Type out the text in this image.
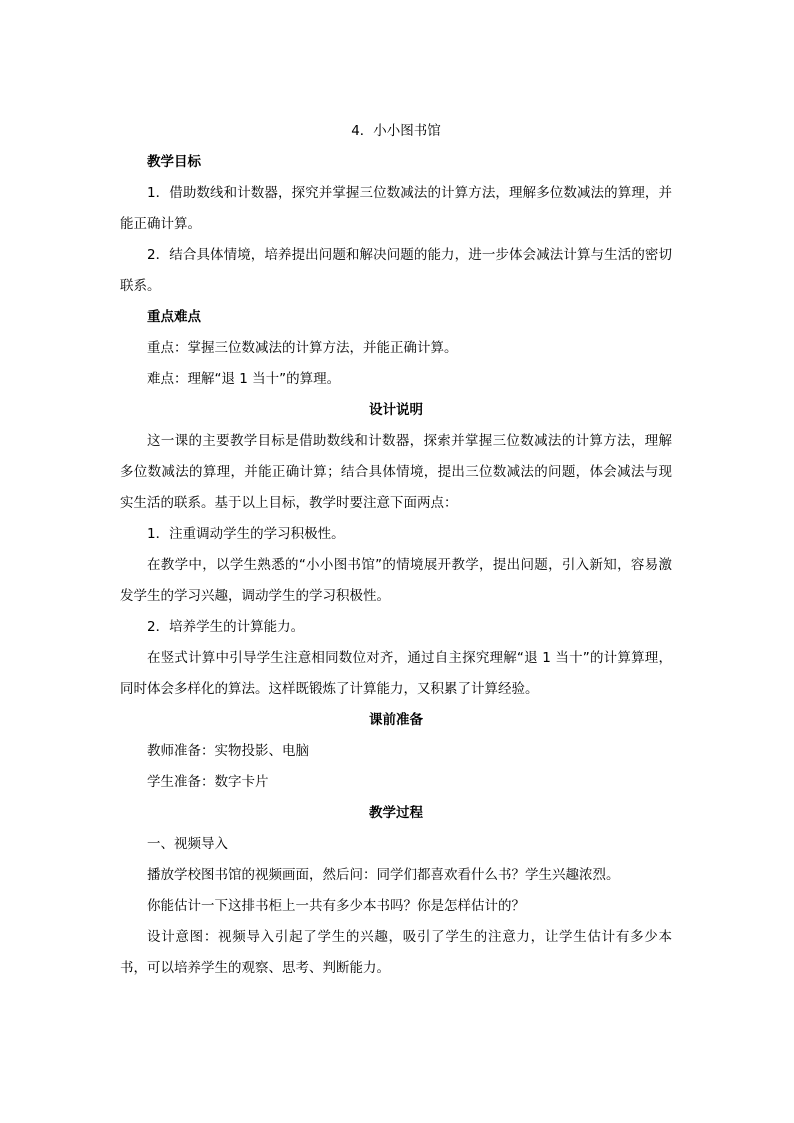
4．小小图书馆
教学目标

1．借助数线和计数器，探究并掌握三位数减法的计算方法，理解多位数减法的算理，并能正确计算。

2．结合具体情境，培养提出问题和解决问题的能力，进一步体会减法计算与生活的密切联系。

重点难点
重点：掌握三位数减法的计算方法，并能正确计算。
难点：理解“退 1 当十”的算理。
设计说明

这一课的主要教学目标是借助数线和计数器，探索并掌握三位数减法的计算方法，理解多位数减法的算理，并能正确计算；结合具体情境，提出三位数减法的问题，体会减法与现实生活的联系。基于以上目标，教学时要注意下面两点：

1．注重调动学生的学习积极性。

在教学中，以学生熟悉的“小小图书馆”的情境展开教学，提出问题，引入新知，容易激发学生的学习兴趣，调动学生的学习积极性。

2．培养学生的计算能力。

在竖式计算中引导学生注意相同数位对齐，通过自主探究理解“退 1 当十”的计算算理，同时体会多样化的算法。这样既锻炼了计算能力，又积累了计算经验。

课前准备
教师准备：实物投影、电脑
学生准备：数字卡片
教学过程
一、视频导入
播放学校图书馆的视频画面，然后问：同学们都喜欢看什么书？学生兴趣浓烈。
你能估计一下这排书柜上一共有多少本书吗？你是怎样估计的？

设计意图：视频导入引起了学生的兴趣，吸引了学生的注意力，让学生估计有多少本书，可以培养学生的观察、思考、判断能力。
